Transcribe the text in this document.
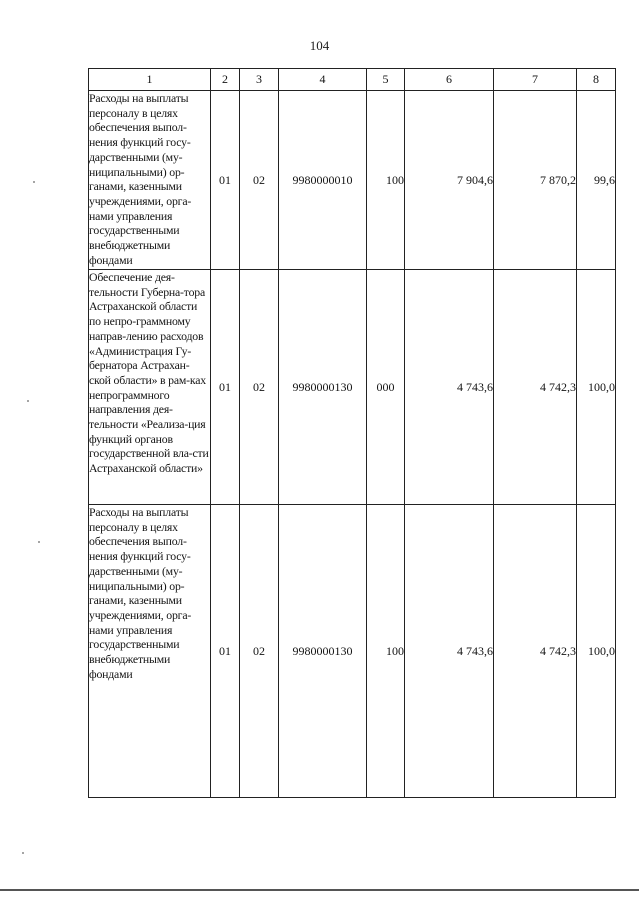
104
1	2	3	4	5	6	7	8
Расходы на выплаты персоналу в целях обеспечения выпол-нения функций госу-дарственными (му-ниципальными) ор-ганами, казенными учреждениями, орга-нами управления государственными внебюджетными фондами	01	02	9980000010	100	7 904,6	7 870,2	99,6
Обеспечение дея-тельности Губерна-тора Астраханской области по непро-граммному направ-лению расходов «Администрация Гу-бернатора Астрахан-ской области» в рам-ках непрограммного направления дея-тельности «Реализа-ция функций органов государственной вла-сти Астраханской области»	01	02	9980000130	000	4 743,6	4 742,3	100,0
Расходы на выплаты персоналу в целях обеспечения выпол-нения функций госу-дарственными (му-ниципальными) ор-ганами, казенными учреждениями, орга-нами управления государственными внебюджетными фондами	01	02	9980000130	100	4 743,6	4 742,3	100,0
